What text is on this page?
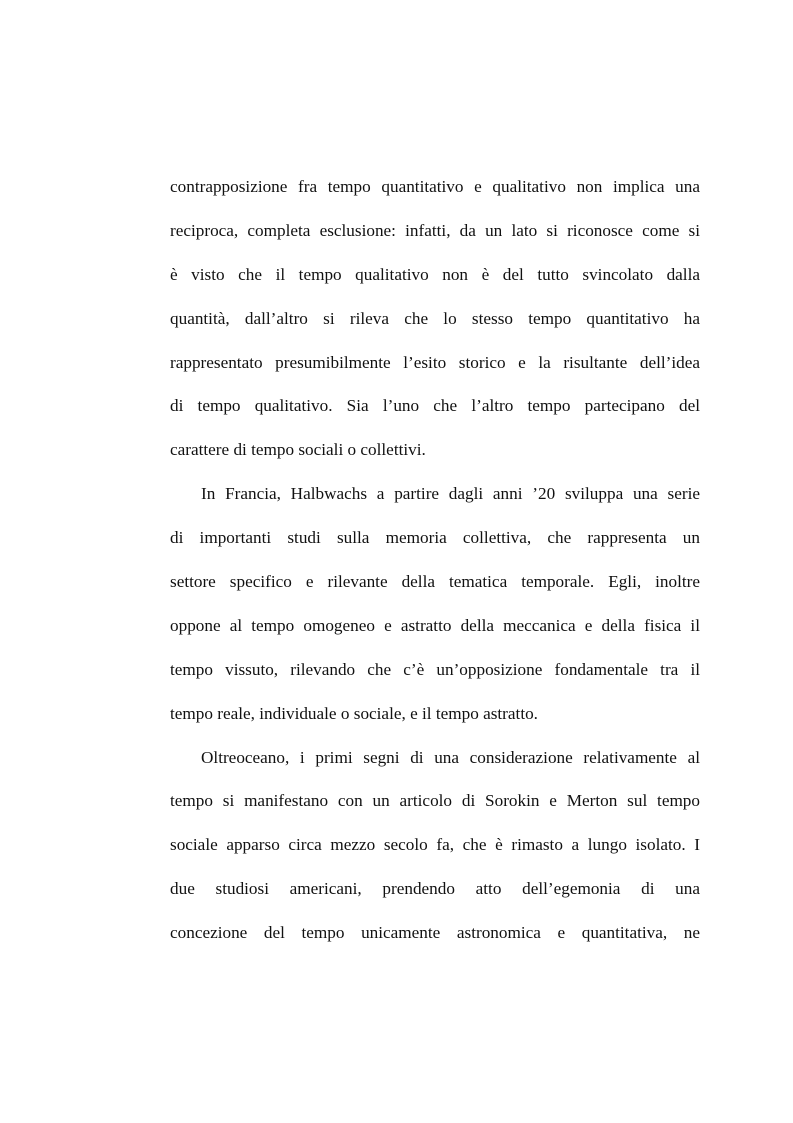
contrapposizione fra tempo quantitativo e qualitativo non implica una
reciproca, completa esclusione: infatti, da un lato si riconosce come si
è visto che il tempo qualitativo non è del tutto svincolato dalla
quantità, dall’altro si rileva che lo stesso tempo quantitativo ha
rappresentato presumibilmente l’esito storico e la risultante dell’idea
di tempo qualitativo. Sia l’uno che l’altro tempo partecipano del
carattere di tempo sociali o collettivi.
In Francia, Halbwachs a partire dagli anni ’20 sviluppa una serie
di importanti studi sulla memoria collettiva, che rappresenta un
settore specifico e rilevante della tematica temporale. Egli, inoltre
oppone al tempo omogeneo e astratto della meccanica e della fisica il
tempo vissuto, rilevando che c’è un’opposizione fondamentale tra il
tempo reale, individuale o sociale, e il tempo astratto.
Oltreoceano, i primi segni di una considerazione relativamente al
tempo si manifestano con un articolo di Sorokin e Merton sul tempo
sociale apparso circa mezzo secolo fa, che è rimasto a lungo isolato. I
due studiosi americani, prendendo atto dell’egemonia di una
concezione del tempo unicamente astronomica e quantitativa, ne
